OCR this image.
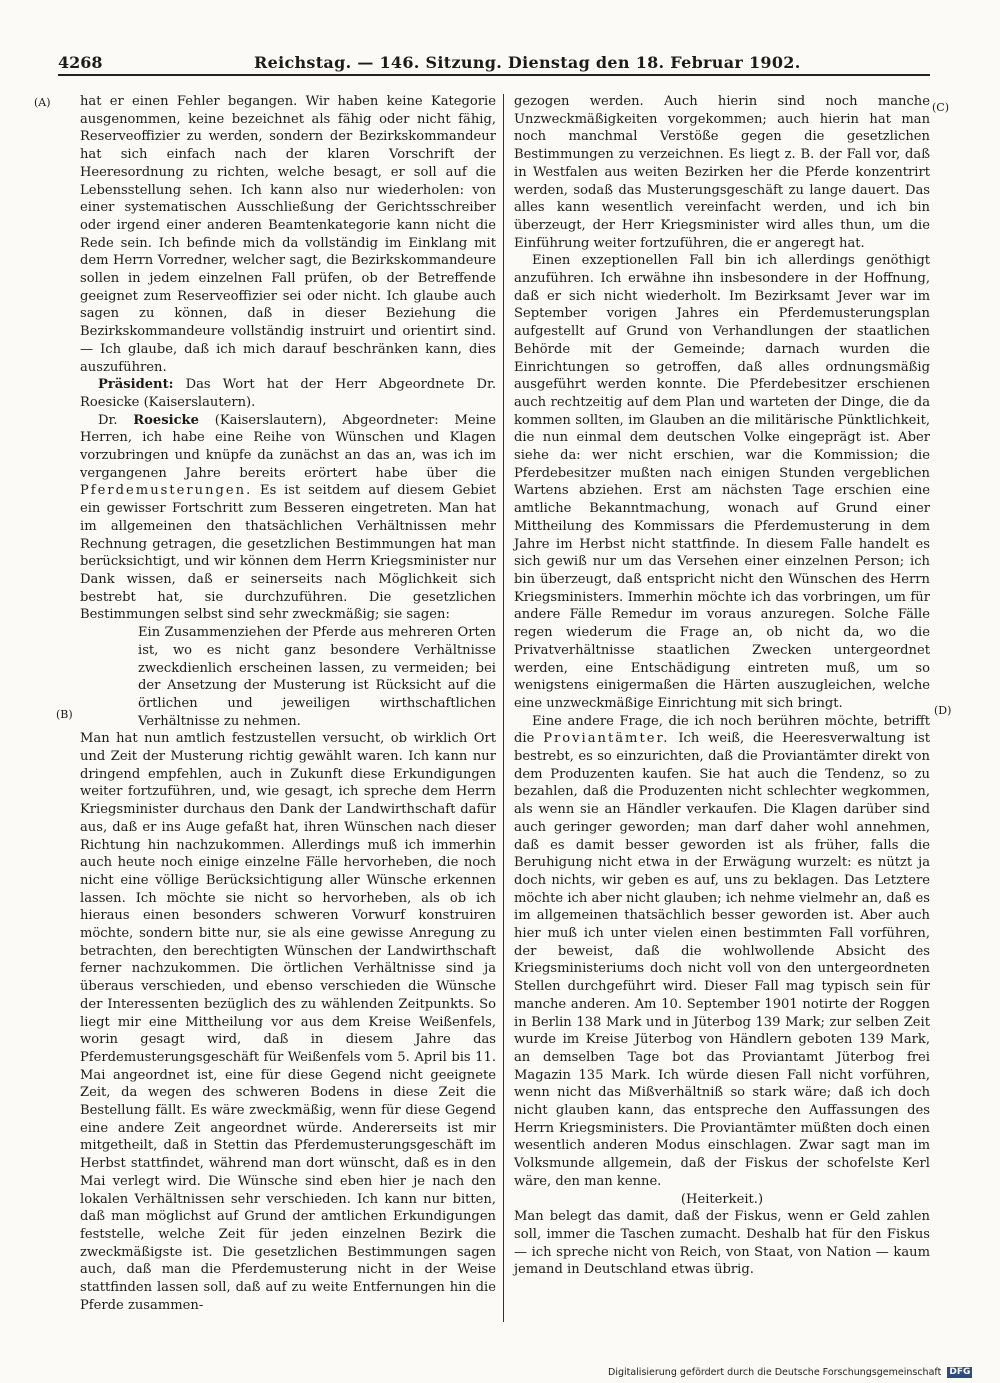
4268	Reichstag. — 146. Sitzung. Dienstag den 18. Februar 1902.
(A)
(B)
(C)
(D)

hat er einen Fehler begangen. Wir haben keine Kategorie ausgenommen, keine bezeichnet als fähig oder nicht fähig, Reserveoffizier zu werden, sondern der Bezirkskommandeur hat sich einfach nach der klaren Vorschrift der Heeresordnung zu richten, welche besagt, er soll auf die Lebensstellung sehen. Ich kann also nur wiederholen: von einer systematischen Ausschließung der Gerichtsschreiber oder irgend einer anderen Beamtenkategorie kann nicht die Rede sein. Ich befinde mich da vollständig im Einklang mit dem Herrn Vorredner, welcher sagt, die Bezirkskommandeure sollen in jedem einzelnen Fall prüfen, ob der Betreffende geeignet zum Reserveoffizier sei oder nicht. Ich glaube auch sagen zu können, daß in dieser Beziehung die Bezirkskommandeure vollständig instruirt und orientirt sind. — Ich glaube, daß ich mich darauf beschränken kann, dies auszuführen.

Präsident: Das Wort hat der Herr Abgeordnete Dr. Roesicke (Kaiserslautern).

Dr. Roesicke (Kaiserslautern), Abgeordneter: Meine Herren, ich habe eine Reihe von Wünschen und Klagen vorzubringen und knüpfe da zunächst an das an, was ich im vergangenen Jahre bereits erörtert habe über die Pferdemusterungen. Es ist seitdem auf diesem Gebiet ein gewisser Fortschritt zum Besseren eingetreten. Man hat im allgemeinen den thatsächlichen Verhältnissen mehr Rechnung getragen, die gesetzlichen Bestimmungen hat man berücksichtigt, und wir können dem Herrn Kriegsminister nur Dank wissen, daß er seinerseits nach Möglichkeit sich bestrebt hat, sie durchzuführen. Die gesetzlichen Bestimmungen selbst sind sehr zweckmäßig; sie sagen:

Ein Zusammenziehen der Pferde aus mehreren Orten ist, wo es nicht ganz besondere Verhältnisse zweckdienlich erscheinen lassen, zu vermeiden; bei der Ansetzung der Musterung ist Rücksicht auf die örtlichen und jeweiligen wirthschaftlichen Verhältnisse zu nehmen.

Man hat nun amtlich festzustellen versucht, ob wirklich Ort und Zeit der Musterung richtig gewählt waren. Ich kann nur dringend empfehlen, auch in Zukunft diese Erkundigungen weiter fortzuführen, und, wie gesagt, ich spreche dem Herrn Kriegsminister durchaus den Dank der Landwirthschaft dafür aus, daß er ins Auge gefaßt hat, ihren Wünschen nach dieser Richtung hin nachzukommen. Allerdings muß ich immerhin auch heute noch einige einzelne Fälle hervorheben, die noch nicht eine völlige Berücksichtigung aller Wünsche erkennen lassen. Ich möchte sie nicht so hervorheben, als ob ich hieraus einen besonders schweren Vorwurf konstruiren möchte, sondern bitte nur, sie als eine gewisse Anregung zu betrachten, den berechtigten Wünschen der Landwirthschaft ferner nachzukommen. Die örtlichen Verhältnisse sind ja überaus verschieden, und ebenso verschieden die Wünsche der Interessenten bezüglich des zu wählenden Zeitpunkts. So liegt mir eine Mittheilung vor aus dem Kreise Weißenfels, worin gesagt wird, daß in diesem Jahre das Pferdemusterungsgeschäft für Weißenfels vom 5. April bis 11. Mai angeordnet ist, eine für diese Gegend nicht geeignete Zeit, da wegen des schweren Bodens in diese Zeit die Bestellung fällt. Es wäre zweckmäßig, wenn für diese Gegend eine andere Zeit angeordnet würde. Andererseits ist mir mitgetheilt, daß in Stettin das Pferdemusterungsgeschäft im Herbst stattfindet, während man dort wünscht, daß es in den Mai verlegt wird. Die Wünsche sind eben hier je nach den lokalen Verhältnissen sehr verschieden. Ich kann nur bitten, daß man möglichst auf Grund der amtlichen Erkundigungen feststelle, welche Zeit für jeden einzelnen Bezirk die zweckmäßigste ist. Die gesetzlichen Bestimmungen sagen auch, daß man die Pferdemusterung nicht in der Weise stattfinden lassen soll, daß auf zu weite Entfernungen hin die Pferde zusammen-

gezogen werden. Auch hierin sind noch manche Unzweckmäßigkeiten vorgekommen; auch hierin hat man noch manchmal Verstöße gegen die gesetzlichen Bestimmungen zu verzeichnen. Es liegt z. B. der Fall vor, daß in Westfalen aus weiten Bezirken her die Pferde konzentrirt werden, sodaß das Musterungsgeschäft zu lange dauert. Das alles kann wesentlich vereinfacht werden, und ich bin überzeugt, der Herr Kriegsminister wird alles thun, um die Einführung weiter fortzuführen, die er angeregt hat.

Einen exzeptionellen Fall bin ich allerdings genöthigt anzuführen. Ich erwähne ihn insbesondere in der Hoffnung, daß er sich nicht wiederholt. Im Bezirksamt Jever war im September vorigen Jahres ein Pferdemusterungsplan aufgestellt auf Grund von Verhandlungen der staatlichen Behörde mit der Gemeinde; darnach wurden die Einrichtungen so getroffen, daß alles ordnungsmäßig ausgeführt werden konnte. Die Pferdebesitzer erschienen auch rechtzeitig auf dem Plan und warteten der Dinge, die da kommen sollten, im Glauben an die militärische Pünktlichkeit, die nun einmal dem deutschen Volke eingeprägt ist. Aber siehe da: wer nicht erschien, war die Kommission; die Pferdebesitzer mußten nach einigen Stunden vergeblichen Wartens abziehen. Erst am nächsten Tage erschien eine amtliche Bekanntmachung, wonach auf Grund einer Mittheilung des Kommissars die Pferdemusterung in dem Jahre im Herbst nicht stattfinde. In diesem Falle handelt es sich gewiß nur um das Versehen einer einzelnen Person; ich bin überzeugt, daß entspricht nicht den Wünschen des Herrn Kriegsministers. Immerhin möchte ich das vorbringen, um für andere Fälle Remedur im voraus anzuregen. Solche Fälle regen wiederum die Frage an, ob nicht da, wo die Privatverhältnisse staatlichen Zwecken untergeordnet werden, eine Entschädigung eintreten muß, um so wenigstens einigermaßen die Härten auszugleichen, welche eine unzweckmäßige Einrichtung mit sich bringt.

Eine andere Frage, die ich noch berühren möchte, betrifft die Proviantämter. Ich weiß, die Heeresverwaltung ist bestrebt, es so einzurichten, daß die Proviantämter direkt von dem Produzenten kaufen. Sie hat auch die Tendenz, so zu bezahlen, daß die Produzenten nicht schlechter wegkommen, als wenn sie an Händler verkaufen. Die Klagen darüber sind auch geringer geworden; man darf daher wohl annehmen, daß es damit besser geworden ist als früher, falls die Beruhigung nicht etwa in der Erwägung wurzelt: es nützt ja doch nichts, wir geben es auf, uns zu beklagen. Das Letztere möchte ich aber nicht glauben; ich nehme vielmehr an, daß es im allgemeinen thatsächlich besser geworden ist. Aber auch hier muß ich unter vielen einen bestimmten Fall vorführen, der beweist, daß die wohlwollende Absicht des Kriegsministeriums doch nicht voll von den untergeordneten Stellen durchgeführt wird. Dieser Fall mag typisch sein für manche anderen. Am 10. September 1901 notirte der Roggen in Berlin 138 Mark und in Jüterbog 139 Mark; zur selben Zeit wurde im Kreise Jüterbog von Händlern geboten 139 Mark, an demselben Tage bot das Proviantamt Jüterbog frei Magazin 135 Mark. Ich würde diesen Fall nicht vorführen, wenn nicht das Mißverhältniß so stark wäre; daß ich doch nicht glauben kann, das entspreche den Auffassungen des Herrn Kriegsministers. Die Proviantämter müßten doch einen wesentlich anderen Modus einschlagen. Zwar sagt man im Volksmunde allgemein, daß der Fiskus der schofelste Kerl wäre, den man kenne.

(Heiterkeit.)

Man belegt das damit, daß der Fiskus, wenn er Geld zahlen soll, immer die Taschen zumacht. Deshalb hat für den Fiskus — ich spreche nicht von Reich, von Staat, von Nation — kaum jemand in Deutschland etwas übrig.

Digitalisierung gefördert durch die Deutsche Forschungsgemeinschaft DFG
